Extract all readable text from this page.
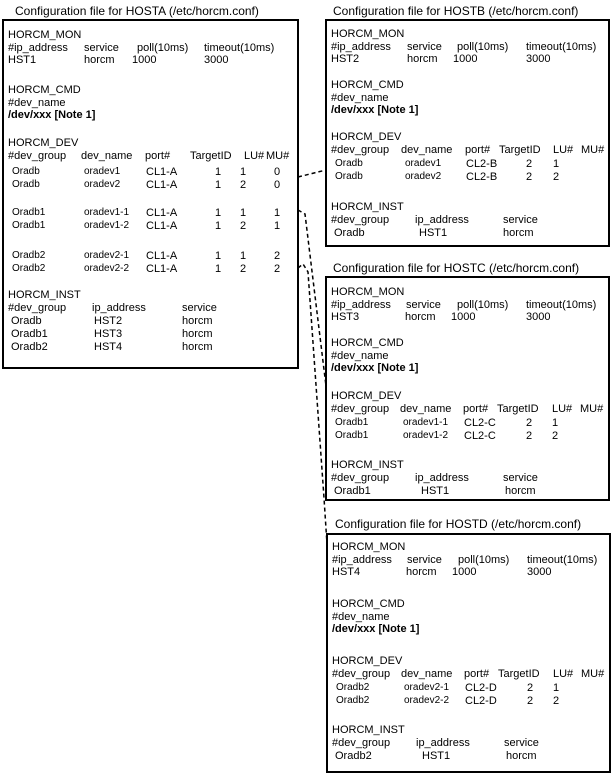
Configuration file for HOSTA (/etc/horcm.conf)
HORCM_MON
#ip_address service poll(10ms) timeout(10ms)
HST1	horcm 1000	3000
HORCM_CMD
#dev_name
/dev/xxx [Note 1]
HORCM_DEV
#dev_group dev_name port# TargetID LU# MU#
Oradb	oradev1 CL1-A	1 1	0
Oradb	oradev2 CL1-A	1 2	0
Oradb1	oradev1-1 CL1-A	1 1	1
Oradb1	oradev1-2 CL1-A	1 2	1
Oradb2	oradev2-1 CL1-A	1 1	2
Oradb2	oradev2-2 CL1-A	1 2	2
HORCM_INST
#dev_group ip_address	service
Oradb	HST2	horcm
Oradb1	HST3	horcm
Oradb2	HST4	horcm
Configuration file for HOSTB (/etc/horcm.conf)
HORCM_MON
#ip_address service poll(10ms) timeout(10ms)
HST2	horcm 1000	3000
HORCM_CMD
#dev_name
/dev/xxx [Note 1]
HORCM_DEV
#dev_group dev_name port# TargetID LU# MU#
Oradb	oradev1 CL2-B	2 1
Oradb	oradev2 CL2-B	2 2
HORCM_INST
#dev_group ip_address	service
Oradb	HST1	horcm
Configuration file for HOSTC (/etc/horcm.conf)
HORCM_MON
#ip_address service poll(10ms) timeout(10ms)
HST3	horcm 1000	3000
HORCM_CMD
#dev_name
/dev/xxx [Note 1]
HORCM_DEV
#dev_group dev_name port# TargetID LU# MU#
Oradb1	oradev1-1 CL2-C	2 1
Oradb1	oradev1-2 CL2-C	2 2
HORCM_INST
#dev_group ip_address	service
Oradb1	HST1	horcm
Configuration file for HOSTD (/etc/horcm.conf)
HORCM_MON
#ip_address service poll(10ms) timeout(10ms)
HST4	horcm 1000	3000
HORCM_CMD
#dev_name
/dev/xxx [Note 1]
HORCM_DEV
#dev_group dev_name port# TargetID LU# MU#
Oradb2	oradev2-1 CL2-D	2 1
Oradb2	oradev2-2 CL2-D	2 2
HORCM_INST
#dev_group ip_address	service
Oradb2	HST1	horcm
